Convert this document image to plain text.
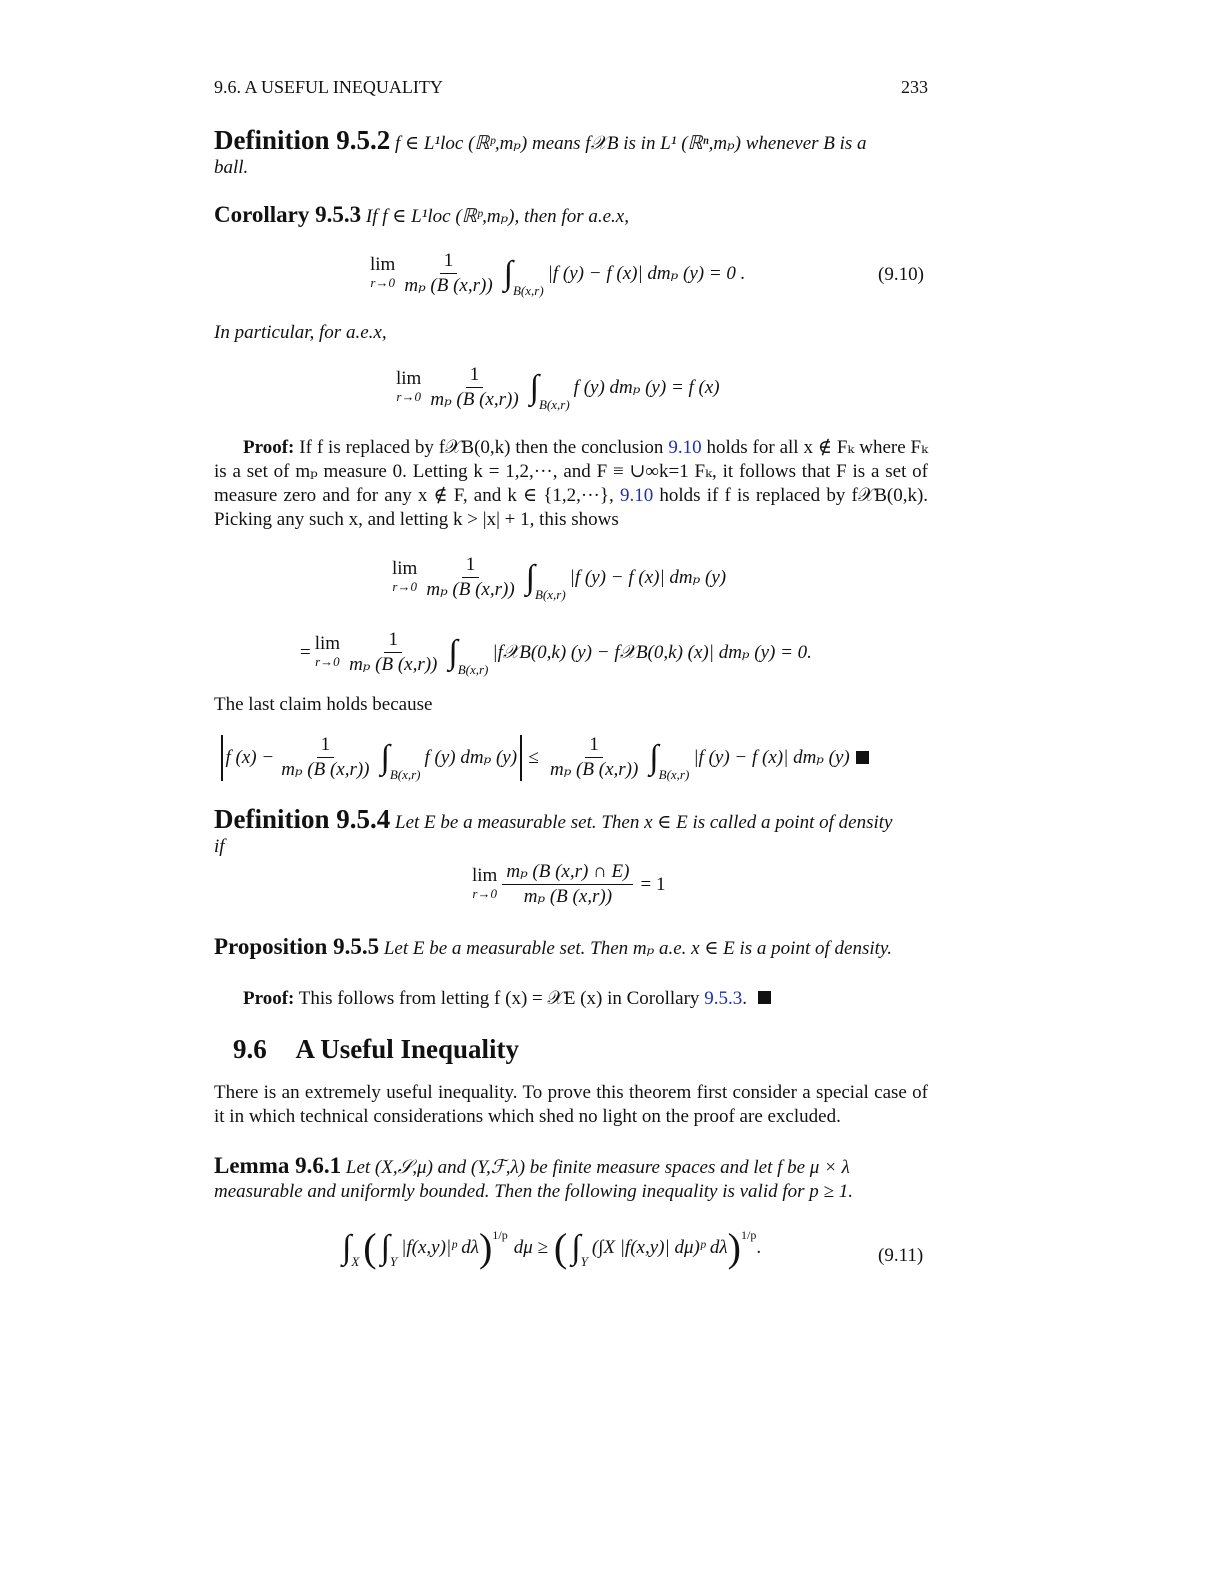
9.6. A USEFUL INEQUALITY	233
Definition 9.5.2 f ∈ L¹loc (ℝᵖ,mₚ) means f𝒳B is in L¹ (ℝⁿ,mₚ) whenever B is a
ball.
Corollary 9.5.3 If f ∈ L¹loc (ℝᵖ,mₚ), then for a.e.x,
lim
$r\to 0 \frac{1}{\text{mₚ (B (x,r))}}$ ∫ B(x,r)
|f (y) − f (x)| dmₚ (y) = 0 .	(9.10)
In particular, for a.e.x,
lim
$r\to 0 \frac{1}{\text{mₚ (B (x,r))}}$ ∫ B(x,r)
f (y) dmₚ (y) = f (x)
Proof: If f is replaced by f𝒳B(0,k) then the conclusion 9.10 holds for all x ∉ Fₖ where Fₖ is a set of mₚ measure 0. Letting k = 1,2,···, and F ≡ ∪∞k=1 Fₖ, it follows that F is a set of measure zero and for any x ∉ F, and k ∈ {1,2,···}, 9.10 holds if f is replaced by f𝒳B(0,k). Picking any such x, and letting k > |x| + 1, this shows
lim
$r\to 0 \frac{1}{\text{mₚ (B (x,r))}}$ ∫ B(x,r)
|f (y) − f (x)| dmₚ (y)
= lim
$r\to 0 \frac{1}{\text{mₚ (B (x,r))}}$ ∫ B(x,r)
|f𝒳B(0,k) (y) − f𝒳B(0,k) (x)| dmₚ (y) = 0.
The last claim holds because
f $(x) - \frac{1}{\text{mₚ (B (x,r))}}$ ∫ B(x,r)
f (y) dmₚ $(y) \le \frac{1}{\text{mₚ (B (x,r))}}$ ∫ B(x,r)
|f (y) − f (x)| dmₚ (y)
Definition 9.5.4 Let E be a measurable set. Then x ∈ E is called a point of density
if
lim
$r\to 0 \frac{\text{mₚ (B (x,r) ∩ E)}}{\text{mₚ (B (x,r))}} = 1$
Proposition 9.5.5 Let E be a measurable set. Then mₚ a.e. x ∈ E is a point of density.
Proof: This follows from letting f (x) = 𝒳E (x) in Corollary 9.5.3.
9.6 A Useful Inequality
There is an extremely useful inequality. To prove this theorem first consider a special case of it in which technical considerations which shed no light on the proof are excluded.
Lemma 9.6.1 Let (X,𝒮,μ) and (Y,ℱ,λ) be finite measure spaces and let f be μ × λ
measurable and uniformly bounded. Then the following inequality is valid for p ≥ 1.
∫ X ( ∫ Y
|f(x,y)|ᵖ dλ )$^{1/p}$
dμ ≥ ( ∫ Y
(∫X |f(x,y)| dμ)ᵖ dλ )$^{1/p}$
.	(9.11)
